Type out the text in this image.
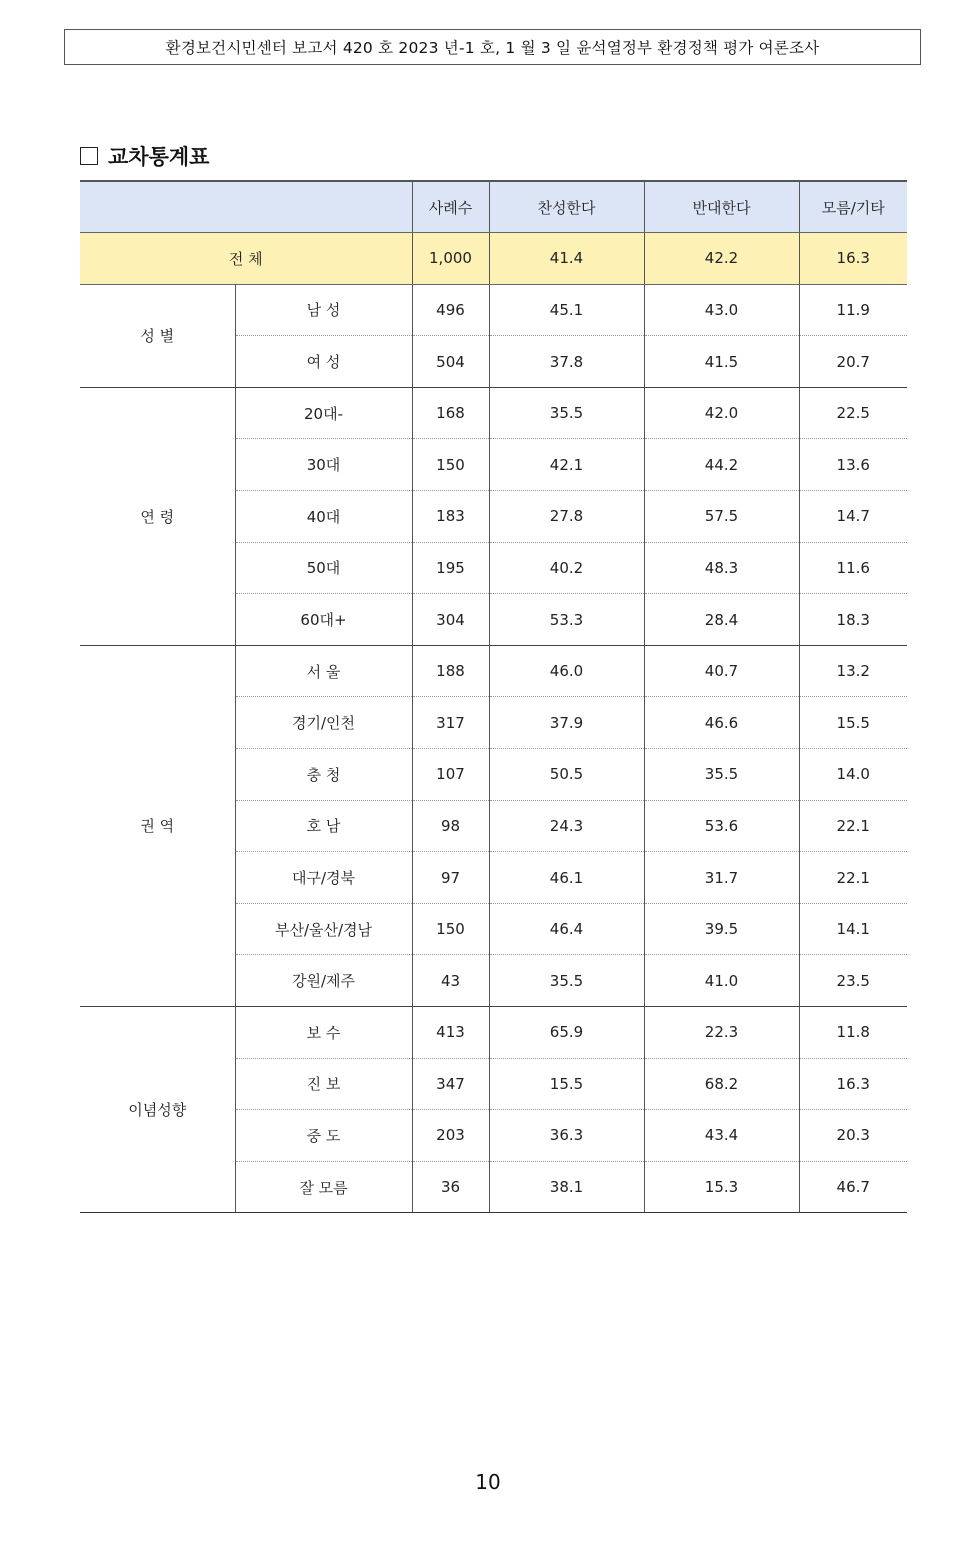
환경보건시민센터 보고서 420 호 2023 년-1 호, 1 월 3 일 윤석열정부 환경정책 평가 여론조사
교차통계표
		사례수	찬성한다	반대한다	모름/기타
전 체		1,000	41.4	42.2	16.3
성 별	남 성	496	45.1	43.0	11.9
	여 성	504	37.8	41.5	20.7
연 령	20대-	168	35.5	42.0	22.5
	30대	150	42.1	44.2	13.6
	40대	183	27.8	57.5	14.7
	50대	195	40.2	48.3	11.6
	60대+	304	53.3	28.4	18.3
권 역	서 울	188	46.0	40.7	13.2
	경기/인천	317	37.9	46.6	15.5
	충 청	107	50.5	35.5	14.0
	호 남	98	24.3	53.6	22.1
	대구/경북	97	46.1	31.7	22.1
	부산/울산/경남	150	46.4	39.5	14.1
	강원/제주	43	35.5	41.0	23.5
이념성향	보 수	413	65.9	22.3	11.8
	진 보	347	15.5	68.2	16.3
	중 도	203	36.3	43.4	20.3
	잘 모름	36	38.1	15.3	46.7
10
